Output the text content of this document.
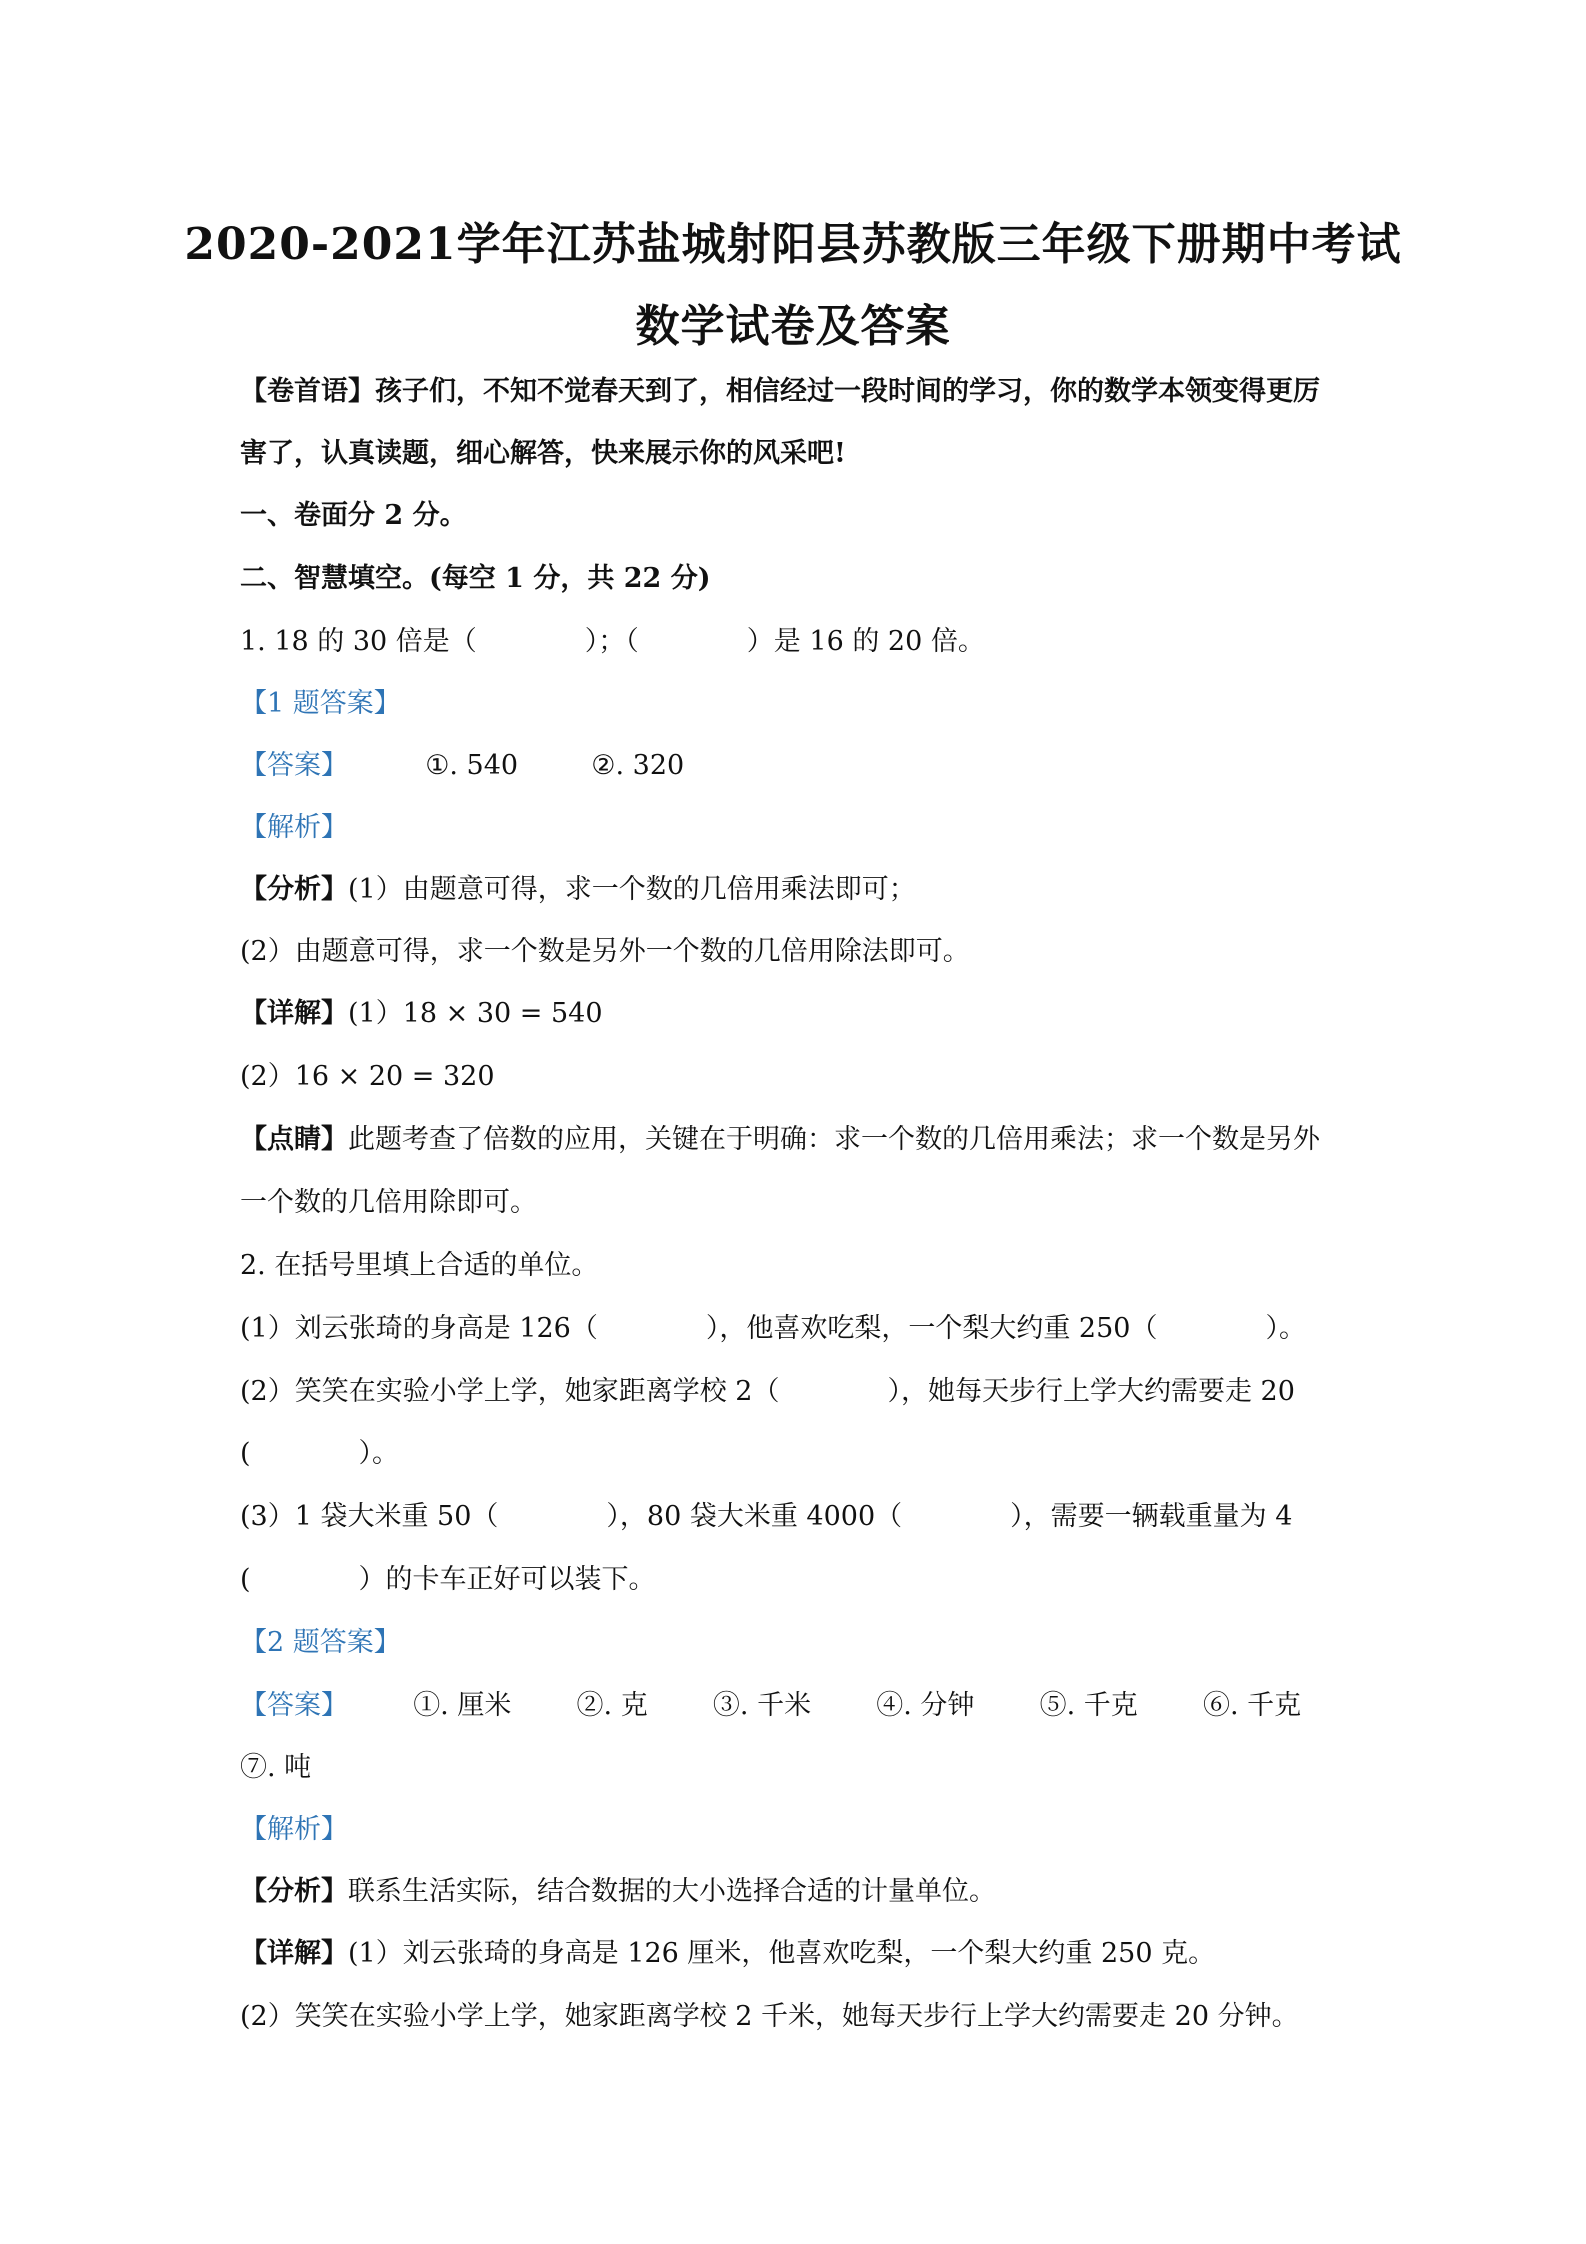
2020-2021学年江苏盐城射阳县苏教版三年级下册期中考试
数学试卷及答案
【卷首语】孩子们，不知不觉春天到了，相信经过一段时间的学习，你的数学本领变得更厉
害了，认真读题，细心解答，快来展示你的风采吧!
一、卷面分 2 分。
二、智慧填空。(每空 1 分，共 22 分)
1. 18 的 30 倍是（　　　　）；（　　　　）是 16 的 20 倍。
【1 题答案】
【答案】	①. 540	②. 320
【解析】
【分析】(1）由题意可得，求一个数的几倍用乘法即可；
(2）由题意可得，求一个数是另外一个数的几倍用除法即可。
【详解】(1）18 × 30 = 540
(2）16 × 20 = 320
【点睛】此题考查了倍数的应用，关键在于明确：求一个数的几倍用乘法；求一个数是另外
一个数的几倍用除即可。
2. 在括号里填上合适的单位。
(1）刘云张琦的身高是 126（　　　　），他喜欢吃梨，一个梨大约重 250（　　　　）。
(2）笑笑在实验小学上学，她家距离学校 2（　　　　），她每天步行上学大约需要走 20
(　　　　）。
(3）1 袋大米重 50（　　　　），80 袋大米重 4000（　　　　），需要一辆载重量为 4
(　　　　）的卡车正好可以装下。
【2 题答案】
【答案】 ①. 厘米 ②. 克 ③. 千米 ④. 分钟 ⑤. 千克 ⑥. 千克
⑦. 吨
【解析】
【分析】联系生活实际，结合数据的大小选择合适的计量单位。
【详解】(1）刘云张琦的身高是 126 厘米，他喜欢吃梨，一个梨大约重 250 克。
(2）笑笑在实验小学上学，她家距离学校 2 千米，她每天步行上学大约需要走 20 分钟。
